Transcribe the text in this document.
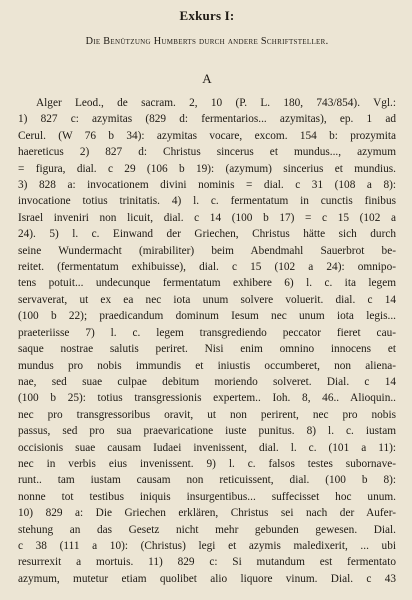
Exkurs I:
Die Benützung Humberts durch andere Schriftsteller.
A
Alger Leod., de sacram. 2, 10 (P. L. 180, 743/854). Vgl.:
1) 827 c: azymitas (829 d: fermentarios... azymitas), ep. 1 ad
Cerul. (W 76 b 34): azymitas vocare, excom. 154 b: prozymita
haereticus 2) 827 d: Christus sincerus et mundus..., azymum
= figura, dial. c 29 (106 b 19): (azymum) sincerius et mundius.
3) 828 a: invocationem divini nominis = dial. c 31 (108 a 8):
invocatione totius trinitatis. 4) l. c. fermentatum in cunctis finibus
Israel inveniri non licuit, dial. c 14 (100 b 17) = c 15 (102 a
24). 5) l. c. Einwand der Griechen, Christus hätte sich durch
seine Wundermacht (mirabiliter) beim Abendmahl Sauerbrot be-
reitet. (fermentatum exhibuisse), dial. c 15 (102 a 24): omnipo-
tens potuit... undecunque fermentatum exhibere 6) l. c. ita legem
servaverat, ut ex ea nec iota unum solvere voluerit. dial. c 14
(100 b 22); praedicandum dominum Iesum nec unum iota legis...
praeteriisse 7) l. c. legem transgrediendo peccator fieret cau-
saque nostrae salutis periret. Nisi enim omnino innocens et
mundus pro nobis immundis et iniustis occumberet, non aliena-
nae, sed suae culpae debitum moriendo solveret. Dial. c 14
(100 b 25): totius transgressionis expertem.. Ioh. 8, 46.. Alioquin..
nec pro transgressoribus oravit, ut non perirent, nec pro nobis
passus, sed pro sua praevaricatione iuste punitus. 8) l. c. iustam
occisionis suae causam Iudaei invenissent, dial. l. c. (101 a 11):
nec in verbis eius invenissent. 9) l. c. falsos testes subornave-
runt.. tam iustam causam non reticuissent, dial. (100 b 8):
nonne tot testibus iniquis insurgentibus... suffecisset hoc unum.
10) 829 a: Die Griechen erklären, Christus sei nach der Aufer-
stehung an das Gesetz nicht mehr gebunden gewesen. Dial.
c 38 (111 a 10): (Christus) legi et azymis maledixerit, ... ubi
resurrexit a mortuis. 11) 829 c: Si mutandum est fermentato
azymum, mutetur etiam quolibet alio liquore vinum. Dial. c 43
